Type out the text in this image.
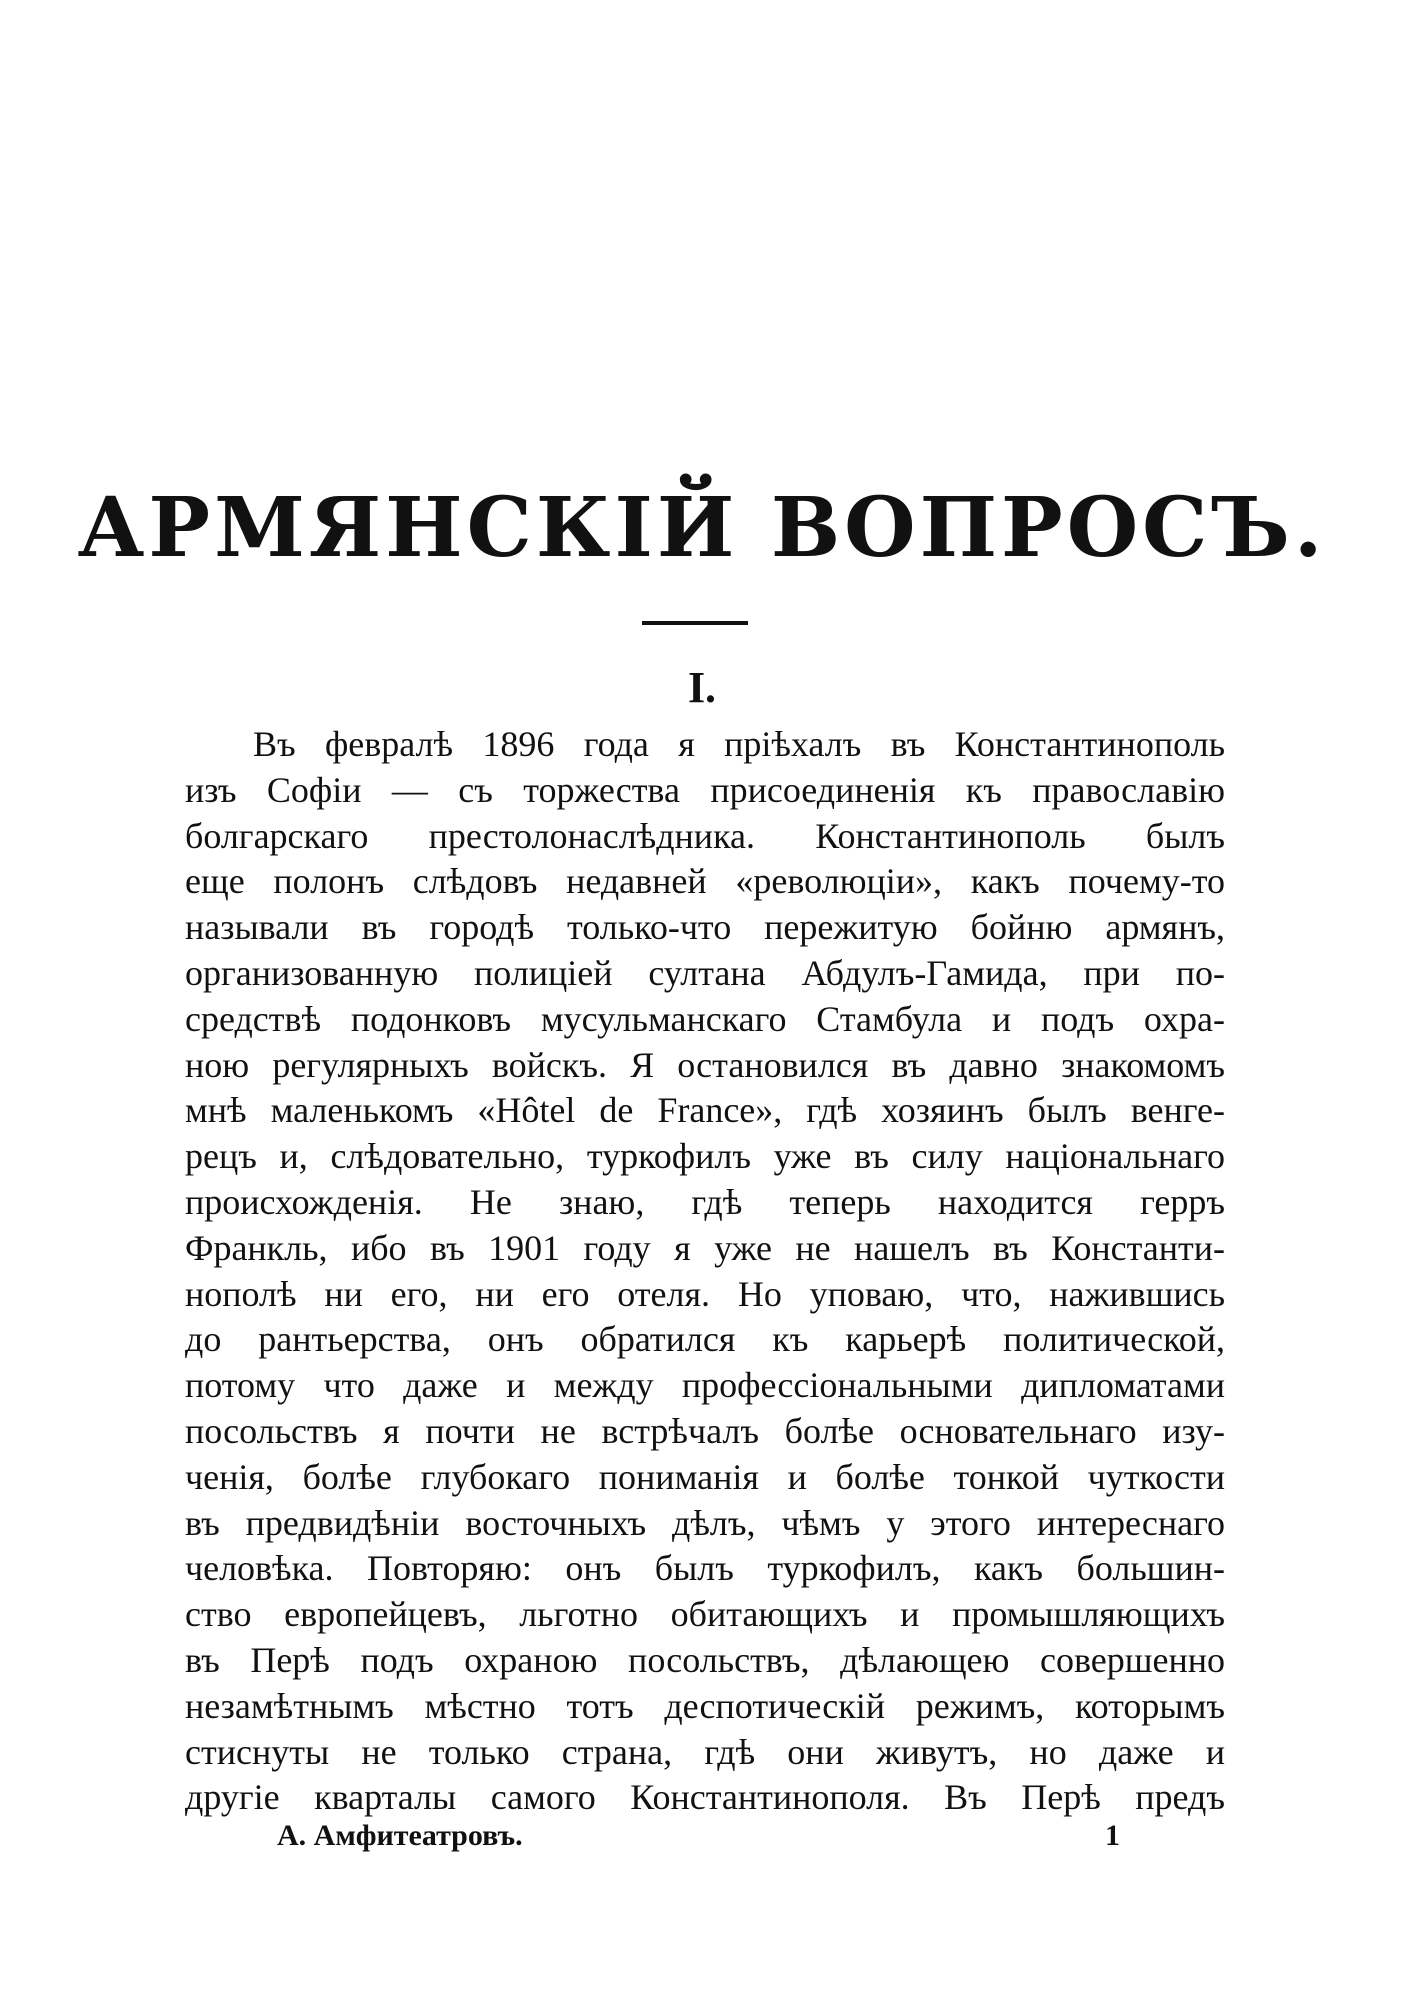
АРМЯНСКІЙ ВОПРОСЪ.
I.
Въ февралѣ 1896 года я пріѣхалъ въ Константинополь
изъ Софіи — съ торжества присоединенія къ православію
болгарскаго престолонаслѣдника. Константинополь былъ
еще полонъ слѣдовъ недавней «революціи», какъ почему-то
называли въ городѣ только-что пережитую бойню армянъ,
организованную полиціей султана Абдулъ-Гамида, при по-
средствѣ подонковъ мусульманскаго Стамбула и подъ охра-
ною регулярныхъ войскъ. Я остановился въ давно знакомомъ
мнѣ маленькомъ «Hôtel de France», гдѣ хозяинъ былъ венге-
рецъ и, слѣдовательно, туркофилъ уже въ силу національнаго
происхожденія. Не знаю, гдѣ теперь находится герръ
Франкль, ибо въ 1901 году я уже не нашелъ въ Константи-
нополѣ ни его, ни его отеля. Но уповаю, что, нажившись
до рантьерства, онъ обратился къ карьерѣ политической,
потому что даже и между профессіональными дипломатами
посольствъ я почти не встрѣчалъ болѣе основательнаго изу-
ченія, болѣе глубокаго пониманія и болѣе тонкой чуткости
въ предвидѣніи восточныхъ дѣлъ, чѣмъ у этого интереснаго
человѣка. Повторяю: онъ былъ туркофилъ, какъ большин-
ство европейцевъ, льготно обитающихъ и промышляющихъ
въ Перѣ подъ охраною посольствъ, дѣлающею совершенно
незамѣтнымъ мѣстно тотъ деспотическій режимъ, которымъ
стиснуты не только страна, гдѣ они живутъ, но даже и
другіе кварталы самого Константинополя. Въ Перѣ предъ
А. Амфитеатровъ.	1
